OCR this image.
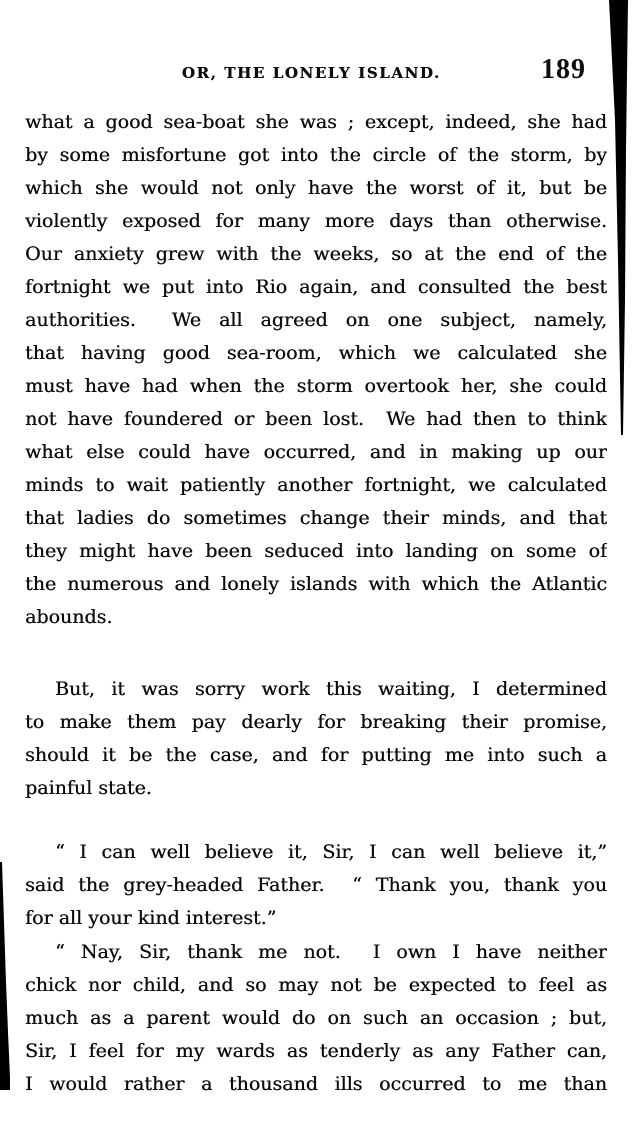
OR, THE LONELY ISLAND.	189
what a good sea-boat she was ; except, indeed, she had
by some misfortune got into the circle of the storm, by
which she would not only have the worst of it, but be
violently exposed for many more days than otherwise.
Our anxiety grew with the weeks, so at the end of the
fortnight we put into Rio again, and consulted the best
authorities.  We all agreed on one subject, namely,
that having good sea-room, which we calculated she
must have had when the storm overtook her, she could
not have foundered or been lost.  We had then to think
what else could have occurred, and in making up our
minds to wait patiently another fortnight, we calculated
that ladies do sometimes change their minds, and that
they might have been seduced into landing on some of
the numerous and lonely islands with which the Atlantic
abounds.
But, it was sorry work this waiting, I determined
to make them pay dearly for breaking their promise,
should it be the case, and for putting me into such a
painful state.
“ I can well believe it, Sir, I can well believe it,”
said the grey-headed Father.  “ Thank you, thank you
for all your kind interest.”
“ Nay, Sir, thank me not.  I own I have neither
chick nor child, and so may not be expected to feel as
much as a parent would do on such an occasion ; but,
Sir, I feel for my wards as tenderly as any Father can,
I would rather a thousand ills occurred to me than
